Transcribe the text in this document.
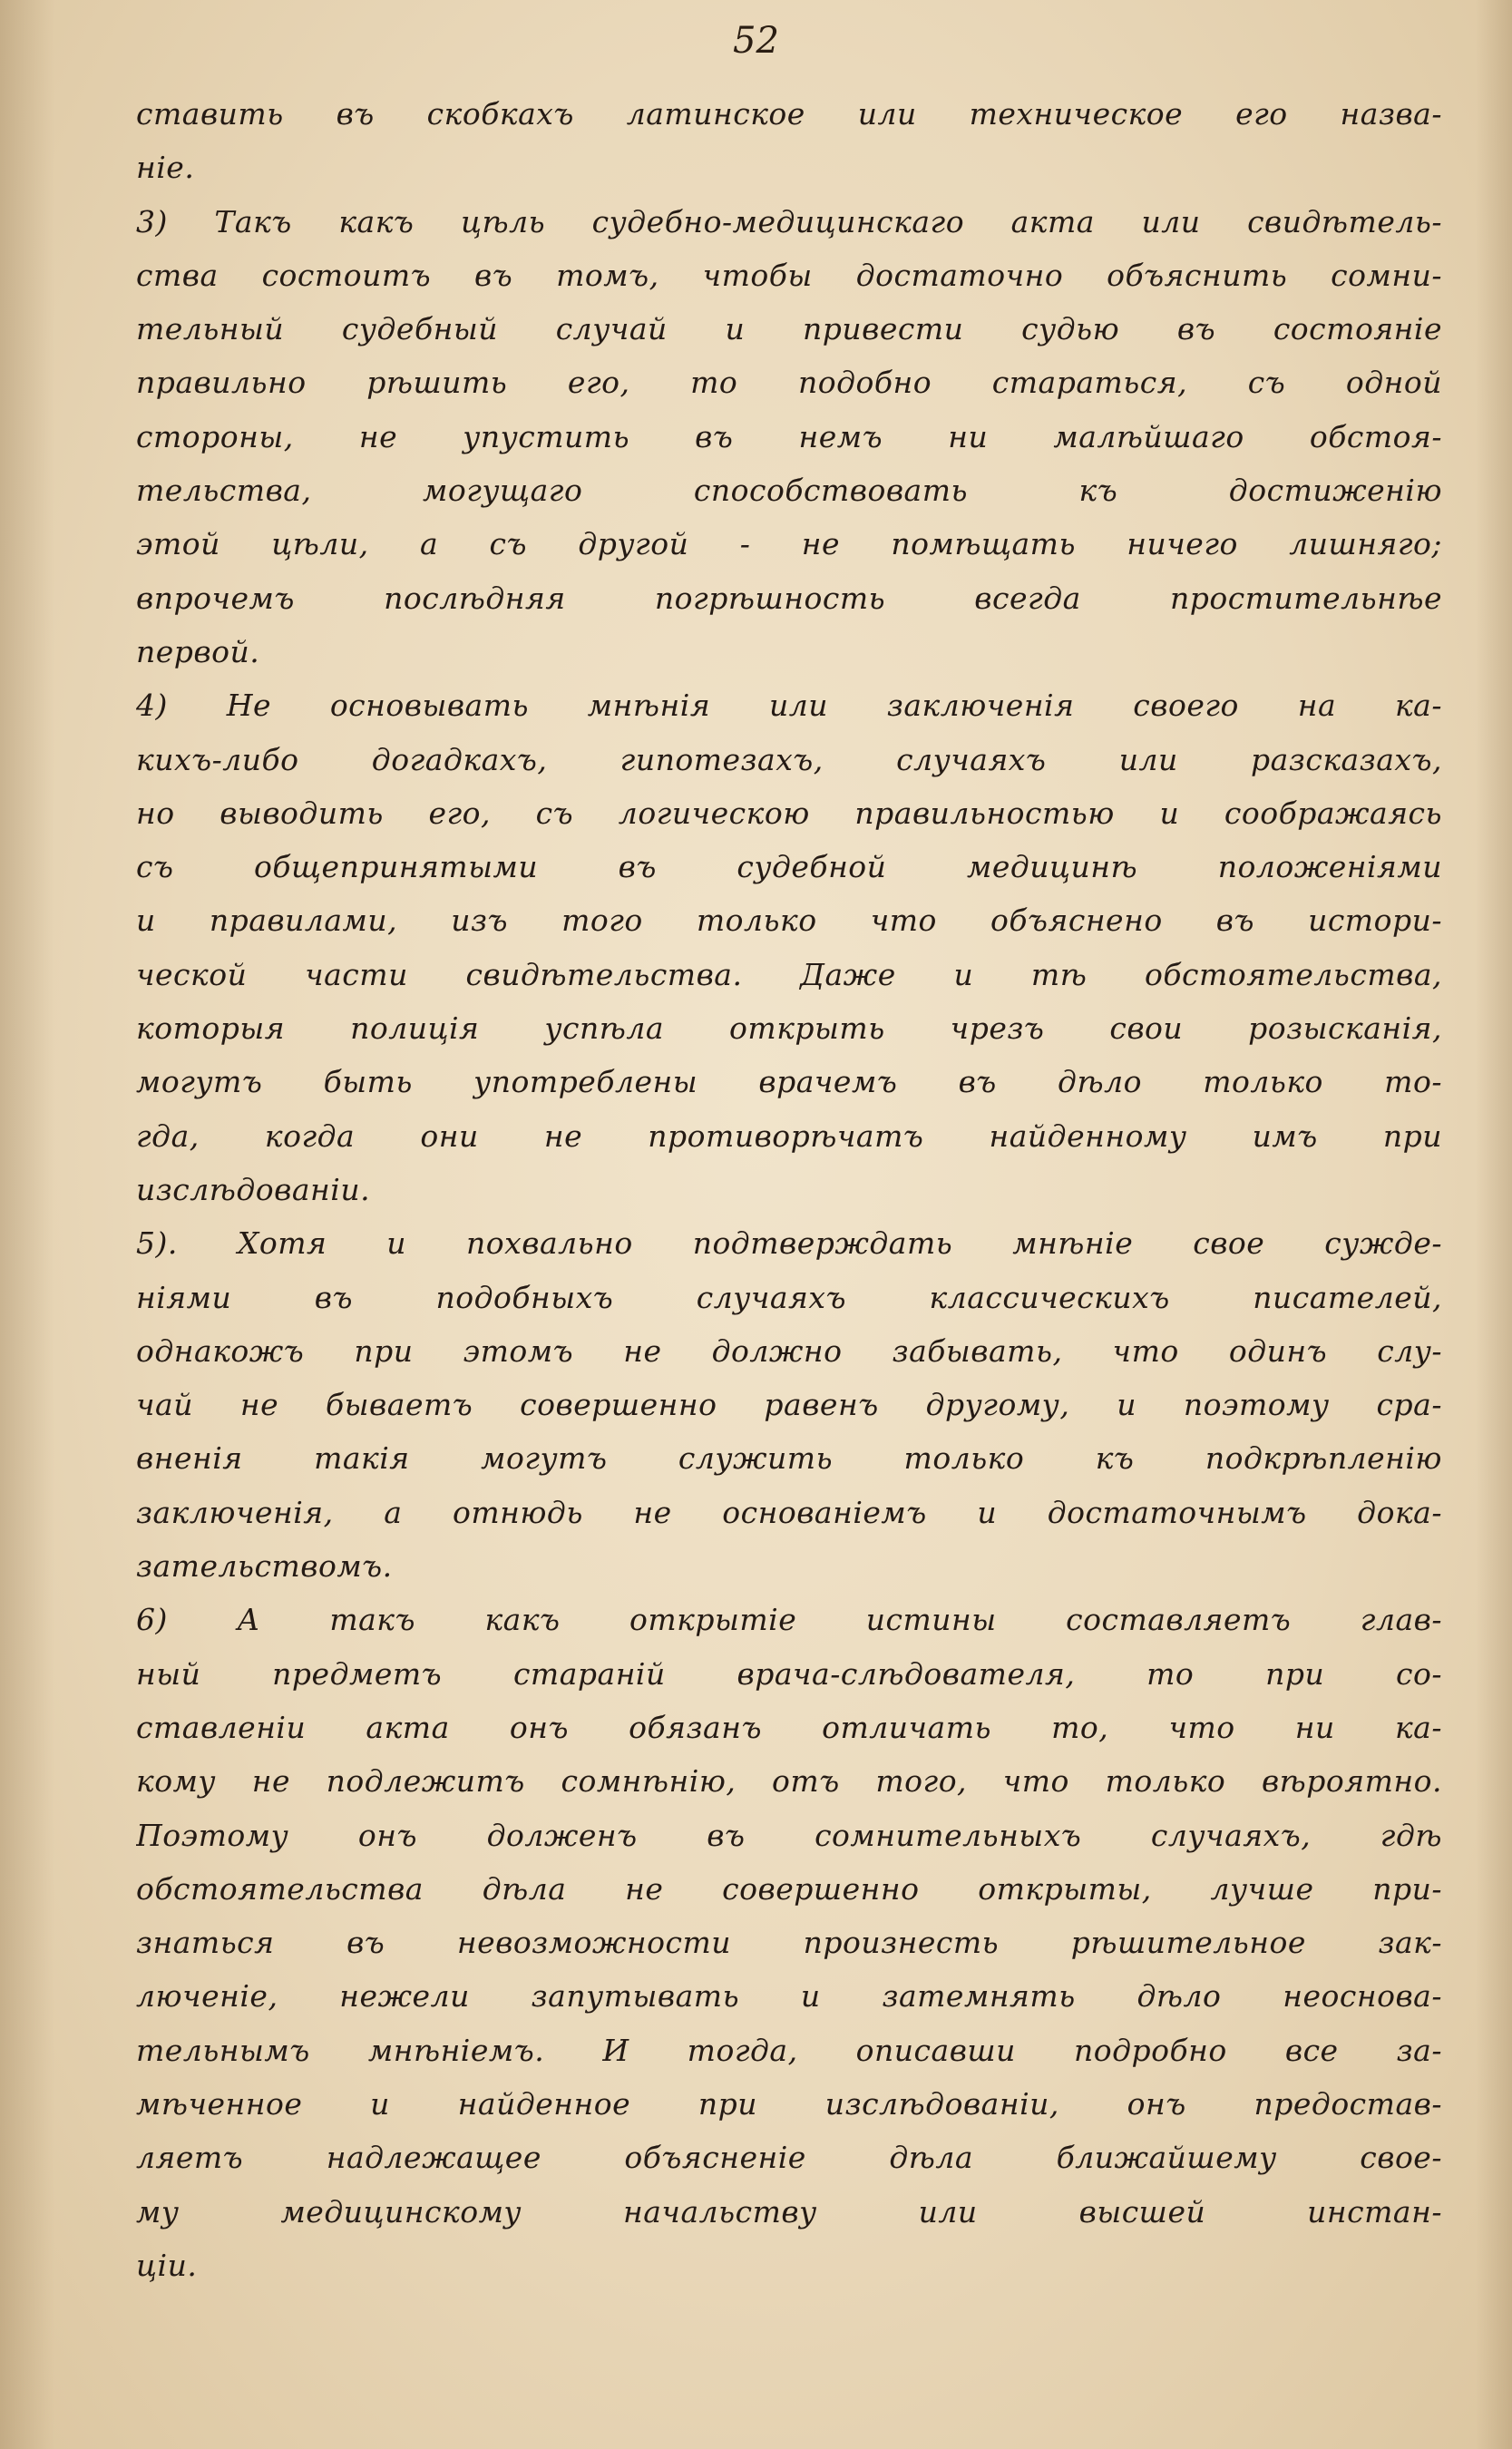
52
ставить въ скобкахъ латинское или техническое его назва-
ніе.
3) Такъ какъ цѣль судебно-медицинскаго акта или свидѣтель-
ства состоитъ въ томъ, чтобы достаточно объяснить сомни-
тельный судебный случай и привести судью въ состояніе
правильно рѣшить его, то подобно стараться, съ одной
стороны, не упустить въ немъ ни малѣйшаго обстоя-
тельства, могущаго способствовать къ достиженію
этой цѣли, а съ другой - не помѣщать ничего лишняго;
впрочемъ послѣдняя погрѣшность всегда простительнѣе
первой.
4) Не основывать мнѣнія или заключенія своего на ка-
кихъ-либо догадкахъ, гипотезахъ, случаяхъ или разсказахъ,
но выводить его, съ логическою правильностью и соображаясь
съ общепринятыми въ судебной медицинѣ положеніями
и правилами, изъ того только что объяснено въ истори-
ческой части свидѣтельства. Даже и тѣ обстоятельства,
которыя полиція успѣла открыть чрезъ свои розысканія,
могутъ быть употреблены врачемъ въ дѣло только то-
гда, когда они не противорѣчатъ найденному имъ при
изслѣдованіи.
5). Хотя и похвально подтверждать мнѣніе свое сужде-
ніями въ подобныхъ случаяхъ классическихъ писателей,
однакожъ при этомъ не должно забывать, что одинъ слу-
чай не бываетъ совершенно равенъ другому, и поэтому сра-
вненія такія могутъ служить только къ подкрѣпленію
заключенія, а отнюдь не основаніемъ и достаточнымъ дока-
зательствомъ.
6) А такъ какъ открытіе истины составляетъ глав-
ный предметъ стараній врача-слѣдователя, то при со-
ставленіи акта онъ обязанъ отличать то, что ни ка-
кому не подлежитъ сомнѣнію, отъ того, что только вѣроятно.
Поэтому онъ долженъ въ сомнительныхъ случаяхъ, гдѣ
обстоятельства дѣла не совершенно открыты, лучше при-
знаться въ невозможности произнесть рѣшительное зак-
люченіе, нежели запутывать и затемнять дѣло неоснова-
тельнымъ мнѣніемъ. И тогда, описавши подробно все за-
мѣченное и найденное при изслѣдованіи, онъ предостав-
ляетъ надлежащее объясненіе дѣла ближайшему свое-
му медицинскому начальству или высшей инстан-
ціи.
